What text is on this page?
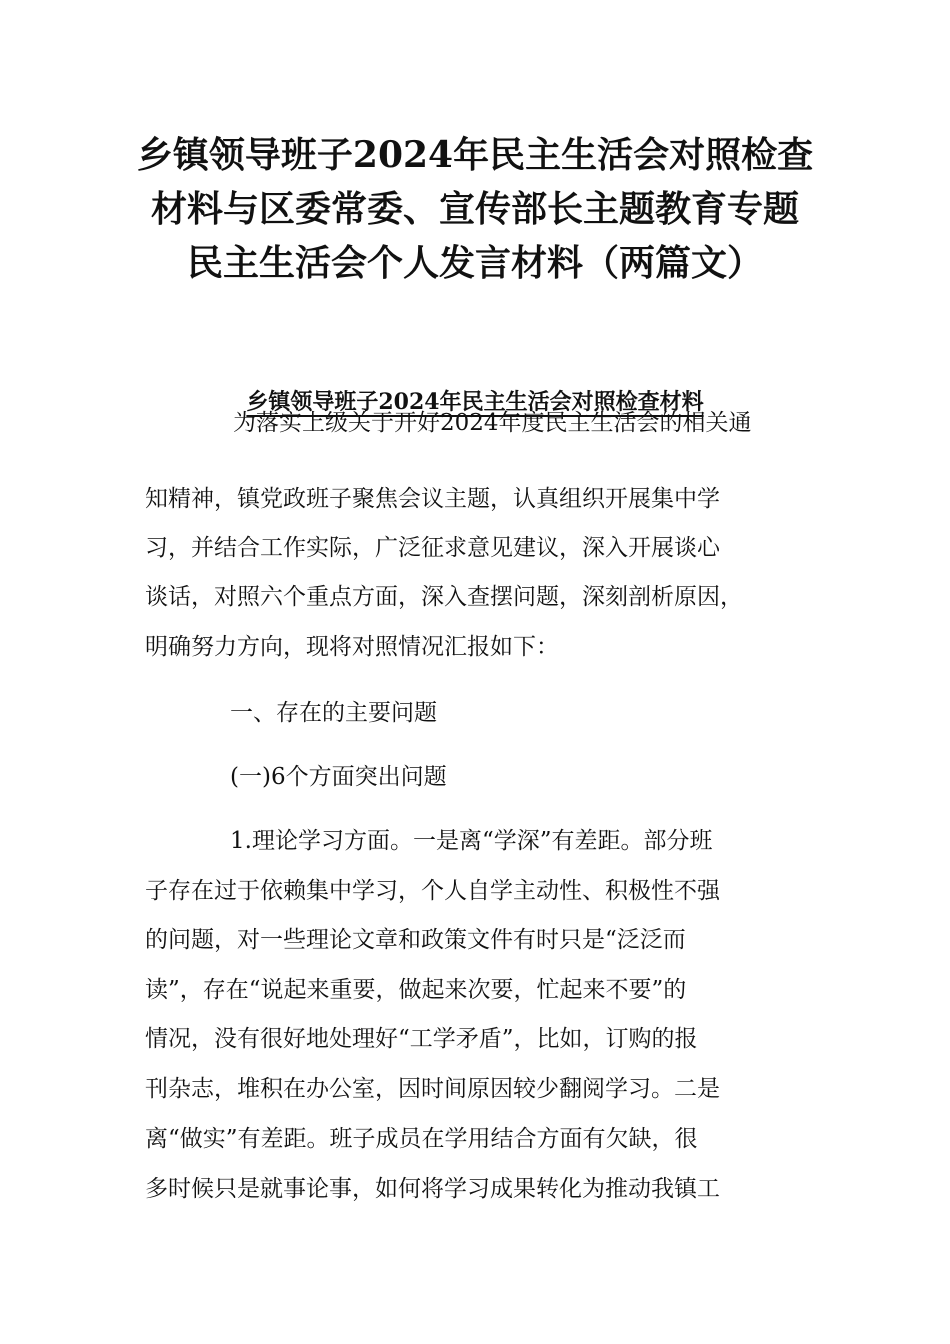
乡镇领导班子2024年民主生活会对照检查
材料与区委常委、宣传部长主题教育专题
民主生活会个人发言材料（两篇文）
乡镇领导班子2024年民主生活会对照检查材料
为落实上级关于开好2024年度民主生活会的相关通
知精神，镇党政班子聚焦会议主题，认真组织开展集中学
习，并结合工作实际，广泛征求意见建议，深入开展谈心
谈话，对照六个重点方面，深入查摆问题，深刻剖析原因，
明确努力方向，现将对照情况汇报如下：
一、存在的主要问题
(一)6个方面突出问题
1.理论学习方面。一是离“学深”有差距。部分班
子存在过于依赖集中学习，个人自学主动性、积极性不强
的问题，对一些理论文章和政策文件有时只是“泛泛而
读”，存在“说起来重要，做起来次要，忙起来不要”的
情况，没有很好地处理好“工学矛盾”，比如，订购的报
刊杂志，堆积在办公室，因时间原因较少翻阅学习。二是
离“做实”有差距。班子成员在学用结合方面有欠缺，很
多时候只是就事论事，如何将学习成果转化为推动我镇工
